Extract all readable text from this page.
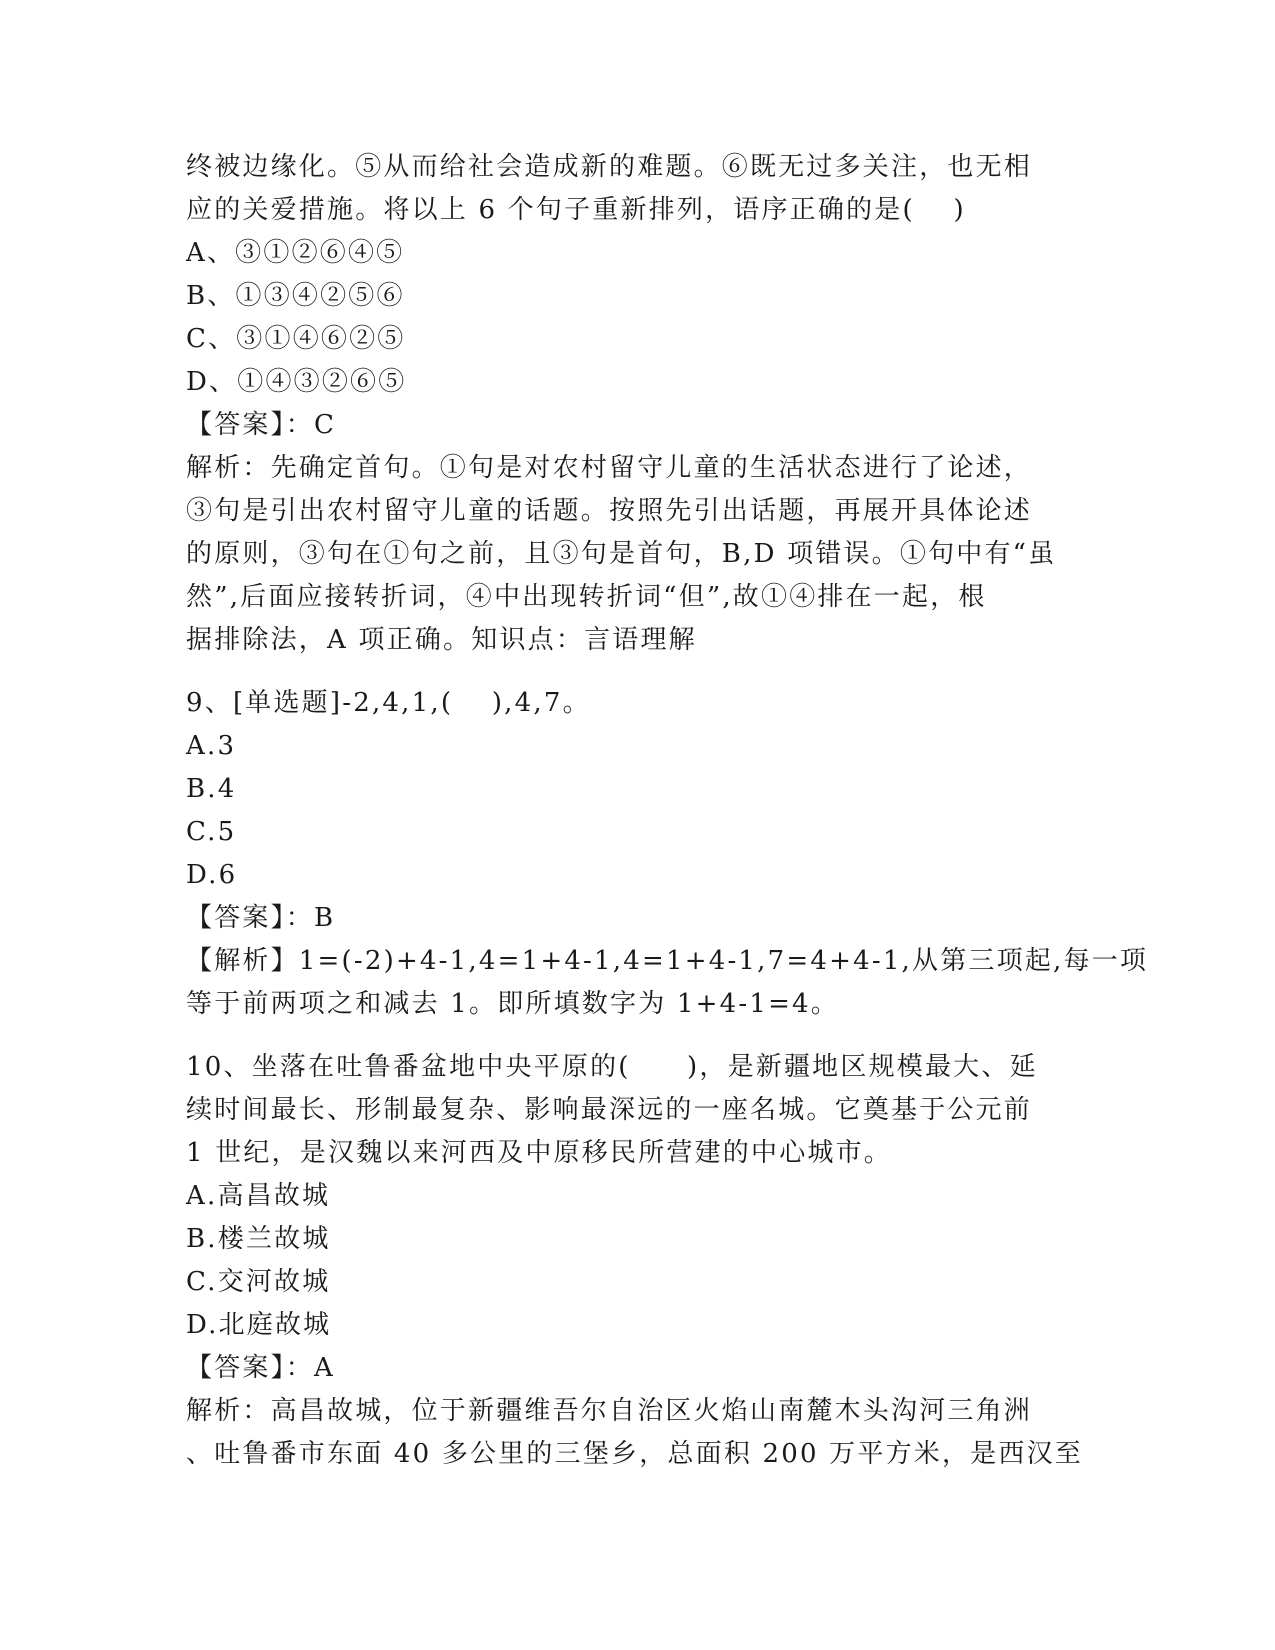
终被边缘化。⑤从而给社会造成新的难题。⑥既无过多关注，也无相
应的关爱措施。将以上 6 个句子重新排列，语序正确的是(　 )
A、③①②⑥④⑤
B、①③④②⑤⑥
C、③①④⑥②⑤
D、①④③②⑥⑤
【答案】：C
解析：先确定首句。①句是对农村留守儿童的生活状态进行了论述，
③句是引出农村留守儿童的话题。按照先引出话题，再展开具体论述
的原则，③句在①句之前，且③句是首句，B,D 项错误。①句中有“虽
然”,后面应接转折词，④中出现转折词“但”,故①④排在一起，根
据排除法，A 项正确。知识点：言语理解
9、[单选题]-2,4,1,(　 ),4,7。
A.3
B.4
C.5
D.6
【答案】：B
【解析】1=(-2)+4-1,4=1+4-1,4=1+4-1,7=4+4-1,从第三项起,每一项
等于前两项之和减去 1。即所填数字为 1+4-1=4。
10、坐落在吐鲁番盆地中央平原的(　　)，是新疆地区规模最大、延
续时间最长、形制最复杂、影响最深远的一座名城。它奠基于公元前
1 世纪，是汉魏以来河西及中原移民所营建的中心城市。
A.高昌故城
B.楼兰故城
C.交河故城
D.北庭故城
【答案】：A
解析：高昌故城，位于新疆维吾尔自治区火焰山南麓木头沟河三角洲
、吐鲁番市东面 40 多公里的三堡乡，总面积 200 万平方米，是西汉至
